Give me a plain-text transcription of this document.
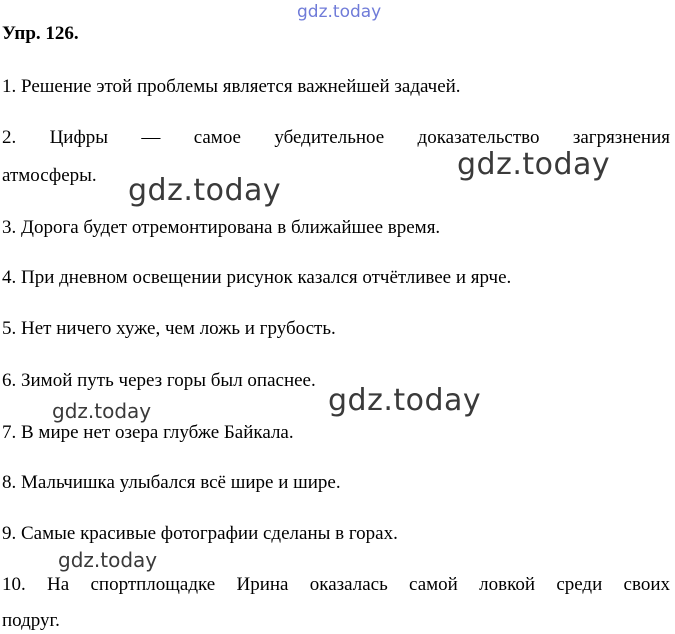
gdz.today
Упр. 126.
1. Решение этой проблемы является важнейшей задачей.
2. Цифры — самое убедительное доказательство загрязнения
атмосферы.
3. Дорога будет отремонтирована в ближайшее время.
4. При дневном освещении рисунок казался отчётливее и ярче.
5. Нет ничего хуже, чем ложь и грубость.
6. Зимой путь через горы был опаснее.
7. В мире нет озера глубже Байкала.
8. Мальчишка улыбался всё шире и шире.
9. Самые красивые фотографии сделаны в горах.
10. На спортплощадке Ирина оказалась самой ловкой среди своих
подруг.
gdz.today
gdz.today
gdz.today
gdz.today
gdz.today
